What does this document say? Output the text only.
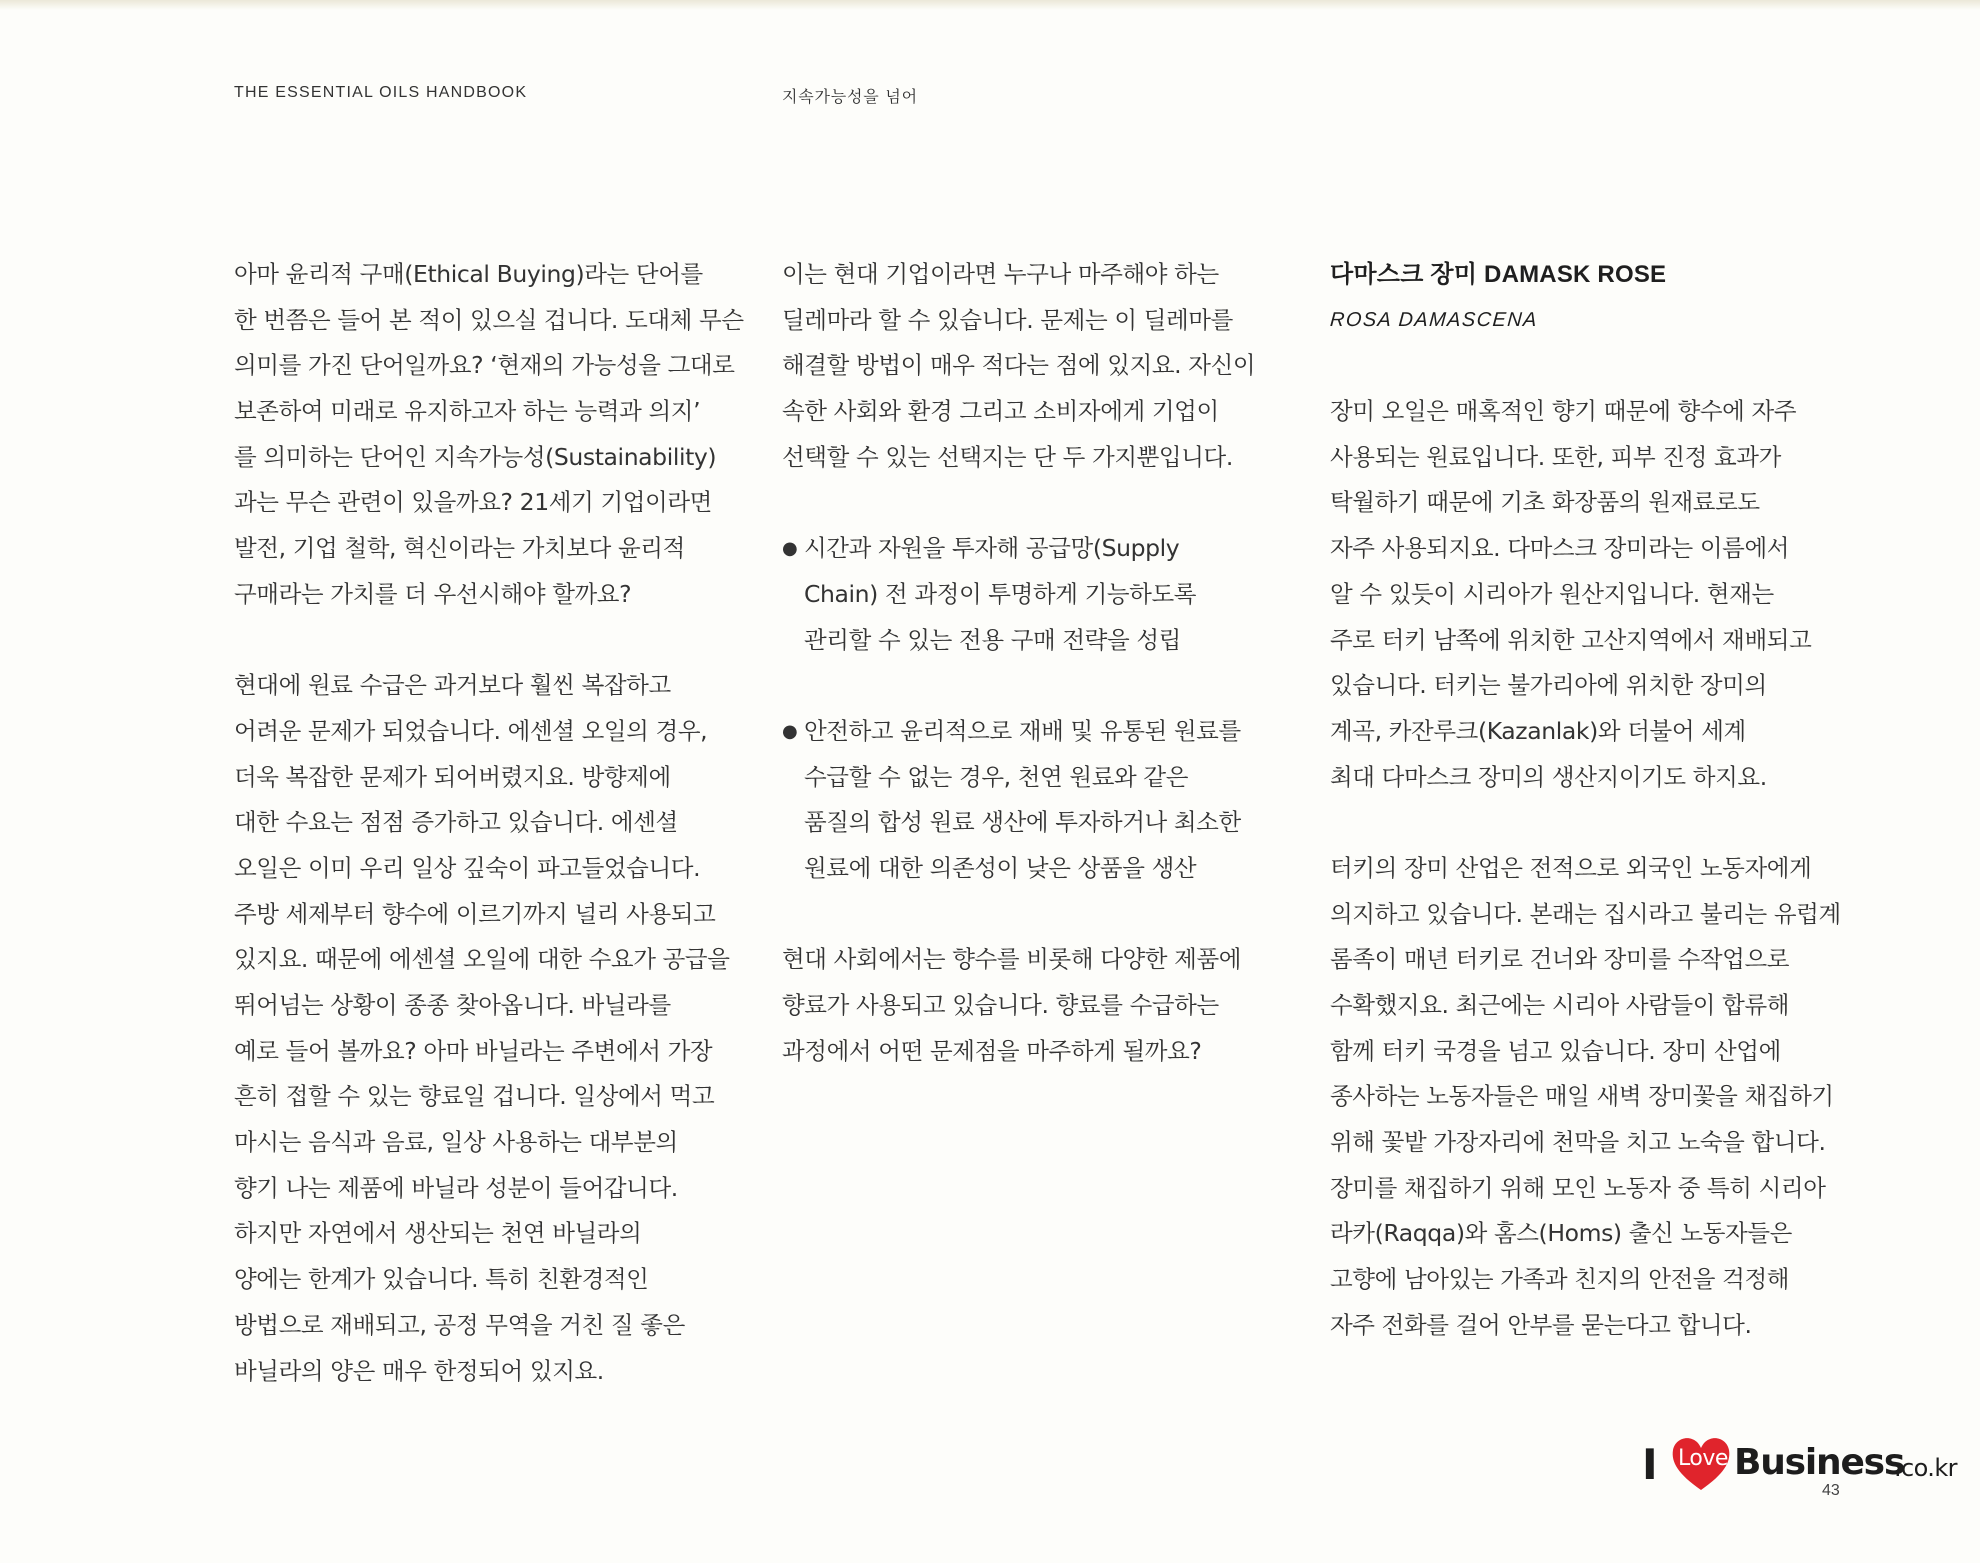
THE ESSENTIAL OILS HANDBOOK	지속가능성을 넘어
아마 윤리적 구매(Ethical Buying)라는 단어를
한 번쯤은 들어 본 적이 있으실 겁니다. 도대체 무슨
의미를 가진 단어일까요? ‘현재의 가능성을 그대로
보존하여 미래로 유지하고자 하는 능력과 의지’
를 의미하는 단어인 지속가능성(Sustainability)
과는 무슨 관련이 있을까요? 21세기 기업이라면
발전, 기업 철학, 혁신이라는 가치보다 윤리적
구매라는 가치를 더 우선시해야 할까요?
현대에 원료 수급은 과거보다 훨씬 복잡하고
어려운 문제가 되었습니다. 에센셜 오일의 경우,
더욱 복잡한 문제가 되어버렸지요. 방향제에
대한 수요는 점점 증가하고 있습니다. 에센셜
오일은 이미 우리 일상 깊숙이 파고들었습니다.
주방 세제부터 향수에 이르기까지 널리 사용되고
있지요. 때문에 에센셜 오일에 대한 수요가 공급을
뛰어넘는 상황이 종종 찾아옵니다. 바닐라를
예로 들어 볼까요? 아마 바닐라는 주변에서 가장
흔히 접할 수 있는 향료일 겁니다. 일상에서 먹고
마시는 음식과 음료, 일상 사용하는 대부분의
향기 나는 제품에 바닐라 성분이 들어갑니다.
하지만 자연에서 생산되는 천연 바닐라의
양에는 한계가 있습니다. 특히 친환경적인
방법으로 재배되고, 공정 무역을 거친 질 좋은
바닐라의 양은 매우 한정되어 있지요.
이는 현대 기업이라면 누구나 마주해야 하는
딜레마라 할 수 있습니다. 문제는 이 딜레마를
해결할 방법이 매우 적다는 점에 있지요. 자신이
속한 사회와 환경 그리고 소비자에게 기업이
선택할 수 있는 선택지는 단 두 가지뿐입니다.
● 시간과 자원을 투자해 공급망(Supply
Chain) 전 과정이 투명하게 기능하도록
관리할 수 있는 전용 구매 전략을 성립
● 안전하고 윤리적으로 재배 및 유통된 원료를
수급할 수 없는 경우, 천연 원료와 같은
품질의 합성 원료 생산에 투자하거나 최소한
원료에 대한 의존성이 낮은 상품을 생산
현대 사회에서는 향수를 비롯해 다양한 제품에
향료가 사용되고 있습니다. 향료를 수급하는
과정에서 어떤 문제점을 마주하게 될까요?
다마스크 장미 DAMASK ROSE
ROSA DAMASCENA
장미 오일은 매혹적인 향기 때문에 향수에 자주
사용되는 원료입니다. 또한, 피부 진정 효과가
탁월하기 때문에 기초 화장품의 원재료로도
자주 사용되지요. 다마스크 장미라는 이름에서
알 수 있듯이 시리아가 원산지입니다. 현재는
주로 터키 남쪽에 위치한 고산지역에서 재배되고
있습니다. 터키는 불가리아에 위치한 장미의
계곡, 카잔루크(Kazanlak)와 더불어 세계
최대 다마스크 장미의 생산지이기도 하지요.
터키의 장미 산업은 전적으로 외국인 노동자에게
의지하고 있습니다. 본래는 집시라고 불리는 유럽계
롬족이 매년 터키로 건너와 장미를 수작업으로
수확했지요. 최근에는 시리아 사람들이 합류해
함께 터키 국경을 넘고 있습니다. 장미 산업에
종사하는 노동자들은 매일 새벽 장미꽃을 채집하기
위해 꽃밭 가장자리에 천막을 치고 노숙을 합니다.
장미를 채집하기 위해 모인 노동자 중 특히 시리아
라카(Raqqa)와 홈스(Homs) 출신 노동자들은
고향에 남아있는 가족과 친지의 안전을 걱정해
자주 전화를 걸어 안부를 묻는다고 합니다.
I Love Business
.co.kr
43
